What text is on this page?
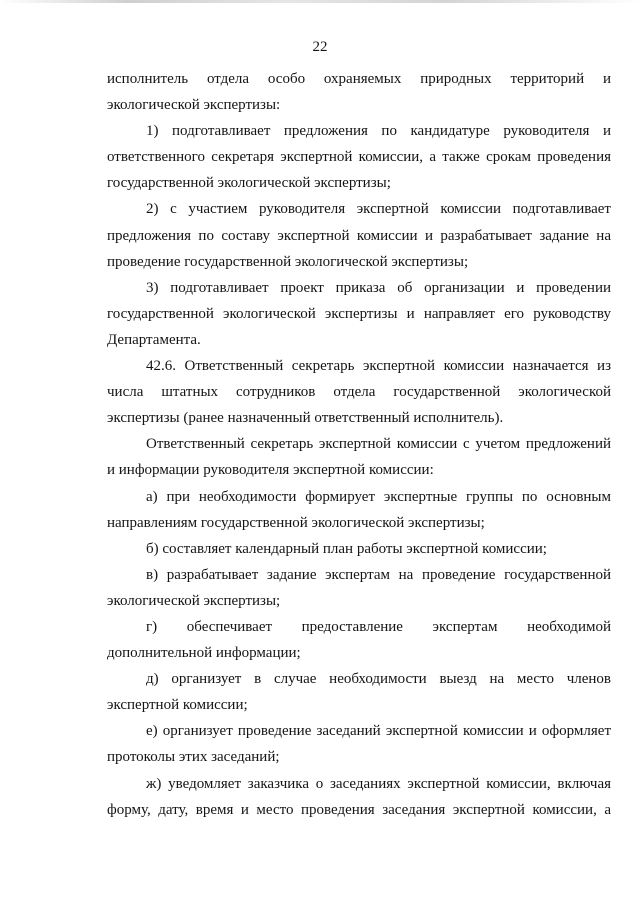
22

исполнитель отдела особо охраняемых природных территорий и экологической экспертизы:

1) подготавливает предложения по кандидатуре руководителя и ответственного секретаря экспертной комиссии, а также срокам проведения государственной экологической экспертизы;

2) с участием руководителя экспертной комиссии подготавливает предложения по составу экспертной комиссии и разрабатывает задание на проведение государственной экологической экспертизы;

3) подготавливает проект приказа об организации и проведении государственной экологической экспертизы и направляет его руководству Департамента.

42.6. Ответственный секретарь экспертной комиссии назначается из числа штатных сотрудников отдела государственной экологической экспертизы (ранее назначенный ответственный исполнитель).

Ответственный секретарь экспертной комиссии с учетом предложений и информации руководителя экспертной комиссии:

а) при необходимости формирует экспертные группы по основным направлениям государственной экологической экспертизы;

б) составляет календарный план работы экспертной комиссии;

в) разрабатывает задание экспертам на проведение государственной экологической экспертизы;

г) обеспечивает предоставление экспертам необходимой дополнительной информации;

д) организует в случае необходимости выезд на место членов экспертной комиссии;

е) организует проведение заседаний экспертной комиссии и оформляет протоколы этих заседаний;

ж) уведомляет заказчика о заседаниях экспертной комиссии, включая форму, дату, время и место проведения заседания экспертной комиссии, а
